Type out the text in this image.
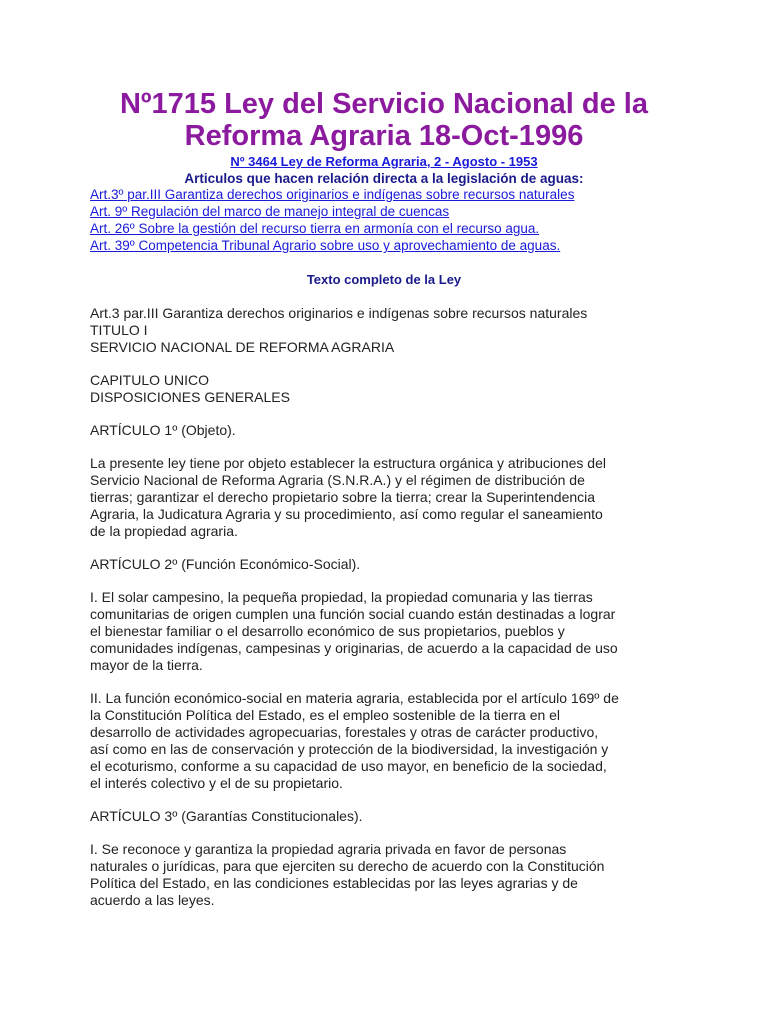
Nº1715 Ley del Servicio Nacional de la
Reforma Agraria 18-Oct-1996
Nº 3464 Ley de Reforma Agraria, 2 - Agosto - 1953
Articulos que hacen relación directa a la legislación de aguas:
Art.3º par.III Garantiza derechos originarios e indígenas sobre recursos naturales
Art. 9º Regulación del marco de manejo integral de cuencas
Art. 26º Sobre la gestión del recurso tierra en armonía con el recurso agua.
Art. 39º Competencia Tribunal Agrario sobre uso y aprovechamiento de aguas.
Texto completo de la Ley
Art.3 par.III Garantiza derechos originarios e indígenas sobre recursos naturales
TITULO I
SERVICIO NACIONAL DE REFORMA AGRARIA
CAPITULO UNICO
DISPOSICIONES GENERALES
ARTÍCULO 1º (Objeto).
La presente ley tiene por objeto establecer la estructura orgánica y atribuciones del
Servicio Nacional de Reforma Agraria (S.N.R.A.) y el régimen de distribución de
tierras; garantizar el derecho propietario sobre la tierra; crear la Superintendencia
Agraria, la Judicatura Agraria y su procedimiento, así como regular el saneamiento
de la propiedad agraria.
ARTÍCULO 2º (Función Económico-Social).
I. El solar campesino, la pequeña propiedad, la propiedad comunaria y las tierras
comunitarias de origen cumplen una función social cuando están destinadas a lograr
el bienestar familiar o el desarrollo económico de sus propietarios, pueblos y
comunidades indígenas, campesinas y originarias, de acuerdo a la capacidad de uso
mayor de la tierra.
II. La función económico-social en materia agraria, establecida por el artículo 169º de
la Constitución Política del Estado, es el empleo sostenible de la tierra en el
desarrollo de actividades agropecuarias, forestales y otras de carácter productivo,
así como en las de conservación y protección de la biodiversidad, la investigación y
el ecoturismo, conforme a su capacidad de uso mayor, en beneficio de la sociedad,
el interés colectivo y el de su propietario.
ARTÍCULO 3º (Garantías Constitucionales).
I. Se reconoce y garantiza la propiedad agraria privada en favor de personas
naturales o jurídicas, para que ejerciten su derecho de acuerdo con la Constitución
Política del Estado, en las condiciones establecidas por las leyes agrarias y de
acuerdo a las leyes.
